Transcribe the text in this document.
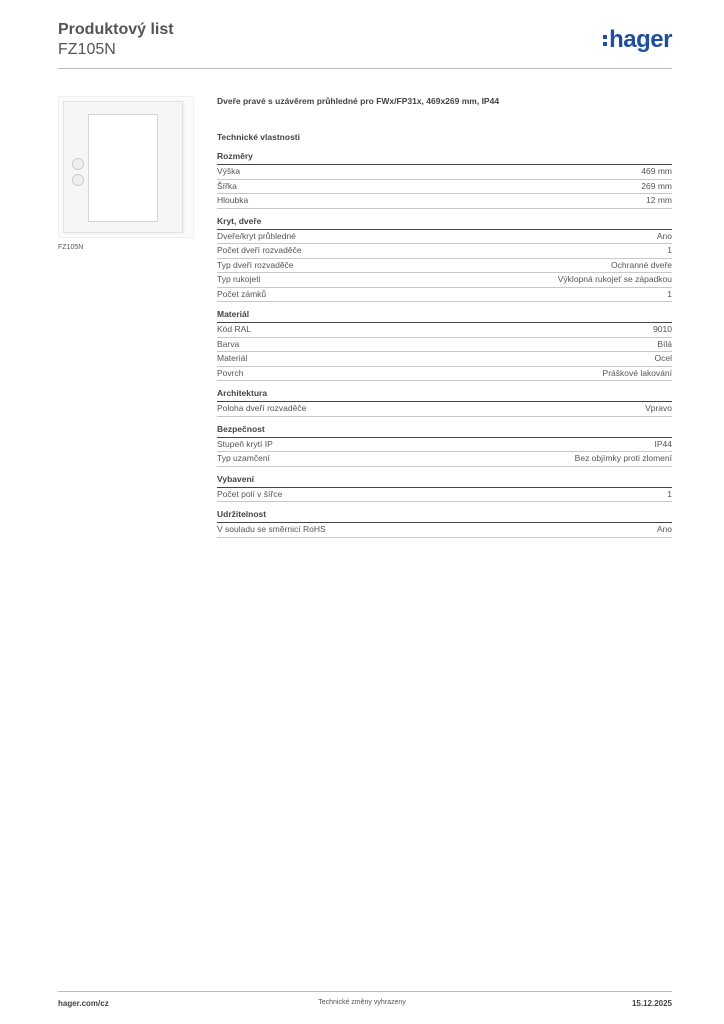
Produktový list
FZ105N	hager
FZ105N
Dveře pravé s uzávěrem průhledné pro FWx/FP31x, 469x269 mm, IP44
Technické vlastnosti
Rozměry
Výška	469 mm
Šířka	269 mm
Hloubka	12 mm
Kryt, dveře
Dveře/kryt průhledné	Ano
Počet dveří rozvaděče	1
Typ dveří rozvaděče	Ochranné dveře
Typ rukojeti	Výklopná rukojeť se západkou
Počet zámků	1
Materiál
Kód RAL	9010
Barva	Bílá
Materiál	Ocel
Povrch	Práškové lakování
Architektura
Poloha dveří rozvaděče	Vpravo
Bezpečnost
Stupeň krytí IP	IP44
Typ uzamčení	Bez objímky proti zlomení
Vybavení
Počet polí v šířce	1
Udržitelnost
V souladu se směrnicí RoHS	Ano
hager.com/cz	Technické změny vyhrazeny	15.12.2025
